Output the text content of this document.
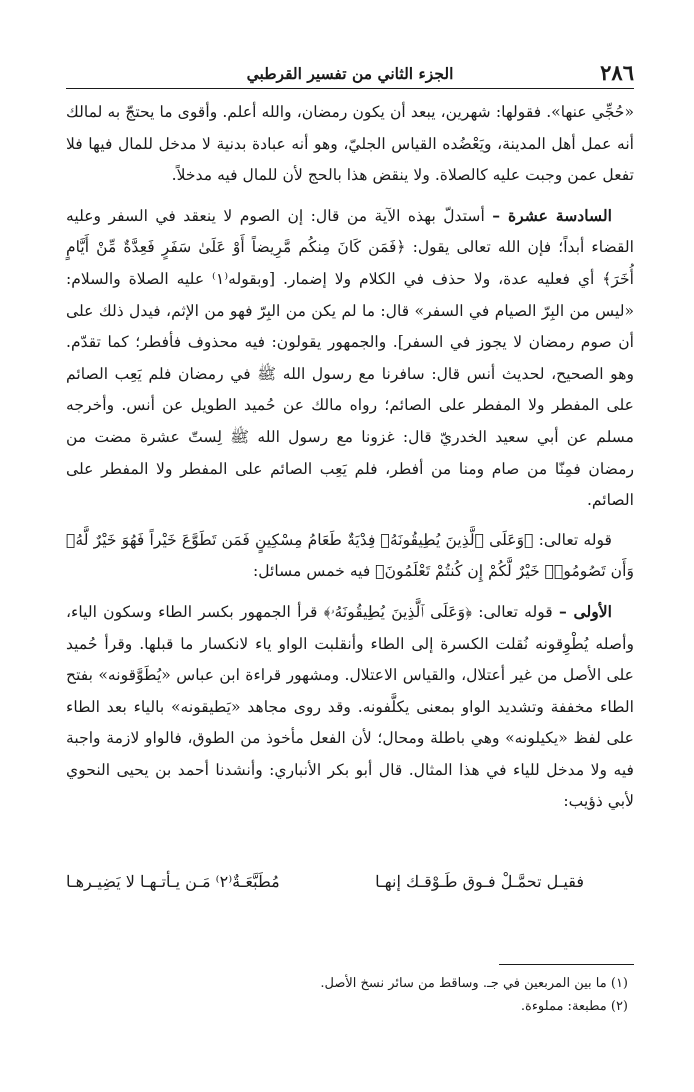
٢٨٦
الجزء الثاني من تفسير القرطبي

«حُجِّي عنها». فقولها: شهرين، يبعد أن يكون رمضان، والله أعلم. وأقوى ما يحتجّ به لمالك أنه عمل أهل المدينة، ويَعْضُده القياس الجليّ، وهو أنه عبادة بدنية لا مدخل للمال فيها فلا تفعل عمن وجبت عليه كالصلاة. ولا ينقض هذا بالحج لأن للمال فيه مدخلاً.

السادسة عشرة – أستدلّ بهذه الآية من قال: إن الصوم لا ينعقد في السفر وعليه القضاء أبداً؛ فإن الله تعالى يقول: ﴿فَمَن كَانَ مِنكُم مَّرِيضاً أَوْ عَلَىٰ سَفَرٍ فَعِدَّةٌ مِّنْ أَيَّامٍ أُخَرَ﴾ أي فعليه عدة، ولا حذف في الكلام ولا إضمار. [وبقوله⁽١⁾ عليه الصلاة والسلام: «ليس من البِرّ الصيام في السفر» قال: ما لم يكن من البِرّ فهو من الإثم، فيدل ذلك على أن صوم رمضان لا يجوز في السفر]. والجمهور يقولون: فيه محذوف فأفطر؛ كما تقدّم. وهو الصحيح، لحديث أنس قال: سافرنا مع رسول الله ﷺ في رمضان فلم يَعِب الصائم على المفطر ولا المفطر على الصائم؛ رواه مالك عن حُميد الطويل عن أنس. وأخرجه مسلم عن أبي سعيد الخدريّ قال: غزونا مع رسول الله ﷺ لِستّ عشرة مضت من رمضان فمِنّا من صام ومنا من أفطر، فلم يَعِب الصائم على المفطر ولا المفطر على الصائم.

قوله تعالى: ﴿وَعَلَى ٱلَّذِينَ يُطِيقُونَهُۥ فِدْيَةٌ طَعَامُ مِسْكِينٍ فَمَن تَطَوَّعَ خَيْراً فَهُوَ خَيْرٌ لَّهُۥ وَأَن تَصُومُوا۟ خَيْرٌ لَّكُمْ إِن كُنتُمْ تَعْلَمُونَ﴾ فيه خمس مسائل:

الأولى – قوله تعالى: ﴿وَعَلَى ٱلَّذِينَ يُطِيقُونَهُۥ﴾ قرأ الجمهور بكسر الطاء وسكون الياء، وأصله يُطْوِقونه نُقلت الكسرة إلى الطاء وأنقلبت الواو ياء لانكسار ما قبلها. وقرأ حُميد على الأصل من غير أعتلال، والقياس الاعتلال. ومشهور قراءة ابن عباس «يُطَوَّقونه» بفتح الطاء مخففة وتشديد الواو بمعنى يكلَّفونه. وقد روى مجاهد «يَطيقونه» بالياء بعد الطاء على لفظ «يكيلونه» وهي باطلة ومحال؛ لأن الفعل مأخوذ من الطوق، فالواو لازمة واجبة فيه ولا مدخل للياء في هذا المثال. قال أبو بكر الأنباري: وأنشدنا أحمد بن يحيى النحوي لأبي ذؤيب:

فقيـل تحمَّـلْ فـوق طَـوْقـك إنهـا
مُطَبَّعَـةٌ⁽٢⁾ مَـن يـأتـهـا لا يَضِيـرهـا

(١) ما بين المربعين في جـ. وساقط من سائر نسخ الأصل.

(٢) مطبعة: مملوءة.
